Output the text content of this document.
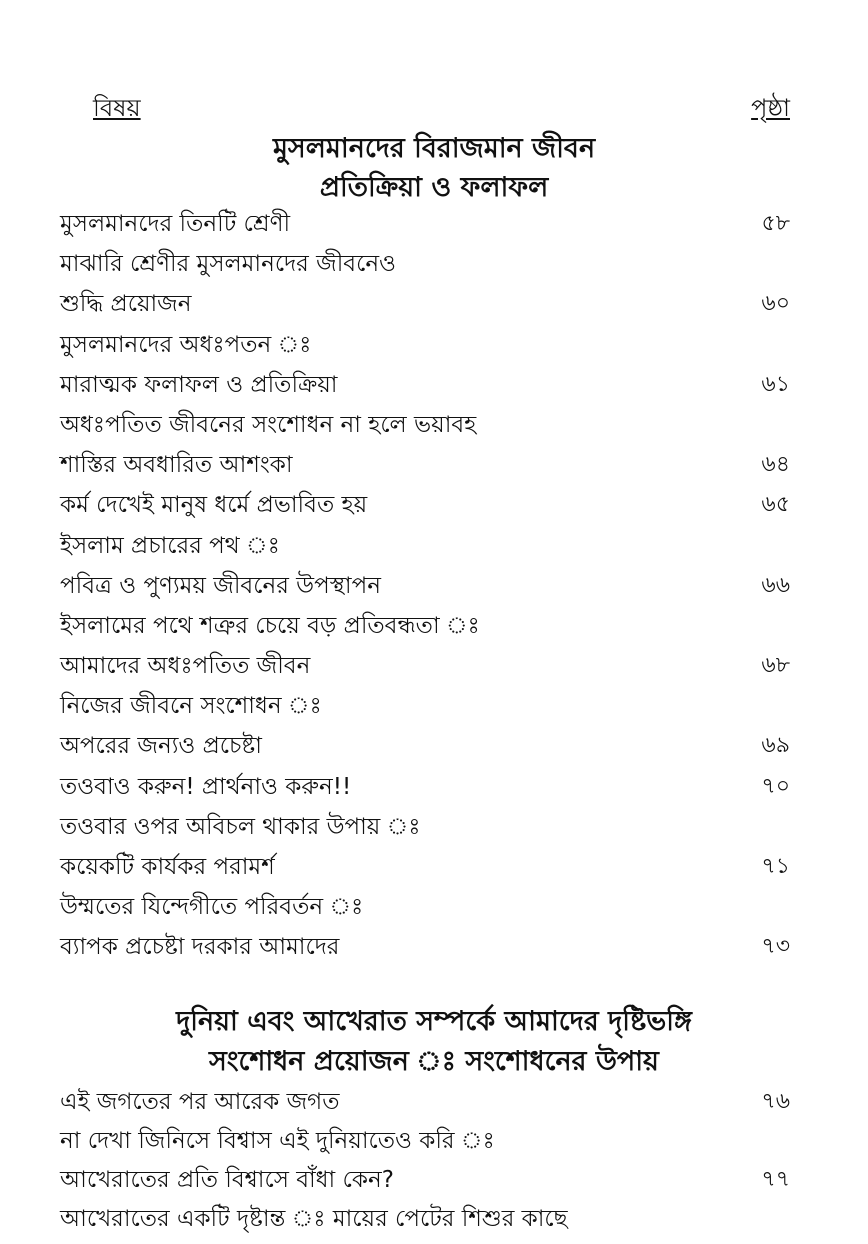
বিষয়	পৃষ্ঠা
মুসলমানদের বিরাজমান জীবন
প্রতিক্রিয়া ও ফলাফল
মুসলমানদের তিনটি শ্রেণী	৫৮
মাঝারি শ্রেণীর মুসলমানদের জীবনেও
শুদ্ধি প্রয়োজন	৬০
মুসলমানদের অধঃপতন ঃ
মারাত্মক ফলাফল ও প্রতিক্রিয়া	৬১
অধঃপতিত জীবনের সংশোধন না হলে ভয়াবহ
শাস্তির অবধারিত আশংকা	৬৪
কর্ম দেখেই মানুষ ধর্মে প্রভাবিত হয়	৬৫
ইসলাম প্রচারের পথ ঃ
পবিত্র ও পুণ্যময় জীবনের উপস্থাপন	৬৬
ইসলামের পথে শত্রুর চেয়ে বড় প্রতিবন্ধতা ঃ
আমাদের অধঃপতিত জীবন	৬৮
নিজের জীবনে সংশোধন ঃ
অপরের জন্যও প্রচেষ্টা	৬৯
তওবাও করুন! প্রার্থনাও করুন!!	৭০
তওবার ওপর অবিচল থাকার উপায় ঃ
কয়েকটি কার্যকর পরামর্শ	৭১
উম্মতের যিন্দেগীতে পরিবর্তন ঃ
ব্যাপক প্রচেষ্টা দরকার আমাদের	৭৩
দুনিয়া এবং আখেরাত সম্পর্কে আমাদের দৃষ্টিভঙ্গি
সংশোধন প্রয়োজন ঃ সংশোধনের উপায়
এই জগতের পর আরেক জগত	৭৬
না দেখা জিনিসে বিশ্বাস এই দুনিয়াতেও করি ঃ
আখেরাতের প্রতি বিশ্বাসে বাঁধা কেন?	৭৭
আখেরাতের একটি দৃষ্টান্ত ঃ মায়ের পেটের শিশুর কাছে
